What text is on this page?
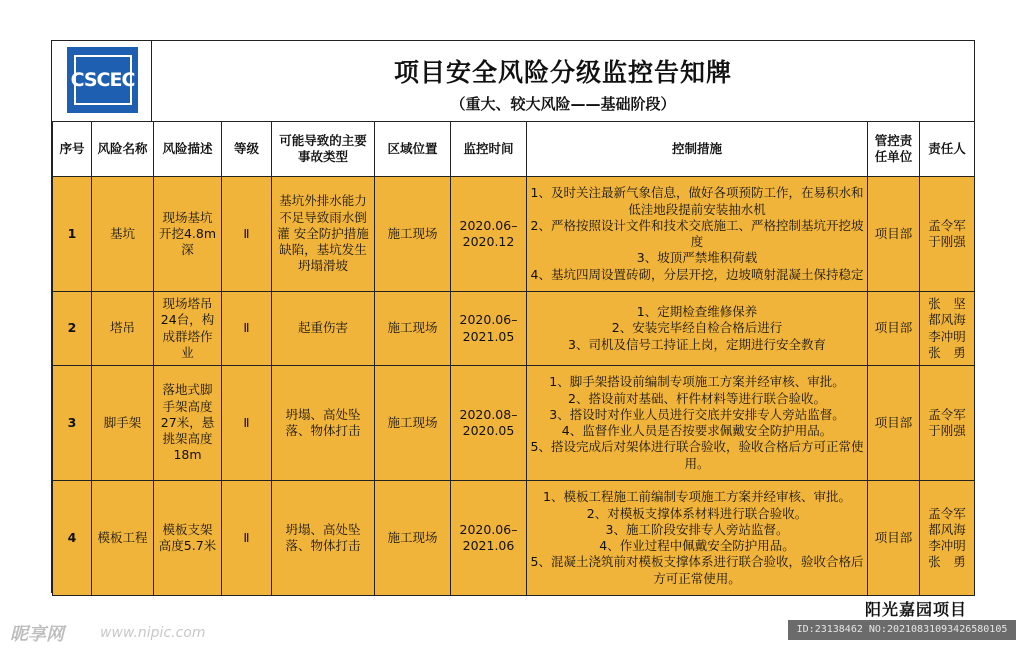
CSCEC	项目安全风险分级监控告知牌
（重大、较大风险——基础阶段）
序号	风险名称	风险描述	等级	可能导致的主要事故类型	区域位置	监控时间	控制措施	管控责任单位	责任人
1	基坑	现场基坑开挖4.8m深	Ⅱ	基坑外排水能力不足导致雨水倒灌 安全防护措施缺陷，基坑发生坍塌滑坡	施工现场	2020.06–2020.12	1、及时关注最新气象信息，做好各项预防工作，在易积水和低洼地段提前安装抽水机
2、严格按照设计文件和技术交底施工、严格控制基坑开挖坡度
3、坡顶严禁堆积荷载
4、基坑四周设置砖砌，分层开挖，边坡喷射混凝土保持稳定	项目部	孟令军
于刚强

2	塔吊	现场塔吊24台，构成群塔作业	Ⅱ	起重伤害	施工现场	2020.06–2021.05	1、定期检查维修保养
2、安装完毕经自检合格后进行
3、司机及信号工持证上岗，定期进行安全教育	项目部	张　坚
都风海
李冲明
张　勇

3	脚手架	落地式脚手架高度27米，悬挑架高度18m	Ⅱ	坍塌、高处坠落、物体打击	施工现场	2020.08–2020.05	1、脚手架搭设前编制专项施工方案并经审核、审批。
2、搭设前对基础、杆件材料等进行联合验收。
3、搭设时对作业人员进行交底并安排专人旁站监督。
4、监督作业人员是否按要求佩戴安全防护用品。
5、搭设完成后对架体进行联合验收，验收合格后方可正常使用。	项目部	孟令军
于刚强

4	模板工程	模板支架高度5.7米	Ⅱ	坍塌、高处坠落、物体打击	施工现场	2020.06–2021.06	1、模板工程施工前编制专项施工方案并经审核、审批。
2、对模板支撑体系材料进行联合验收。
3、施工阶段安排专人旁站监督。
4、作业过程中佩戴安全防护用品。
5、混凝土浇筑前对模板支撑体系进行联合验收，验收合格后方可正常使用。	项目部	孟令军
都风海
李冲明
张　勇
阳光嘉园项目
昵享网	www.nipic.com	ID:23138462 NO:20210831093426580105
